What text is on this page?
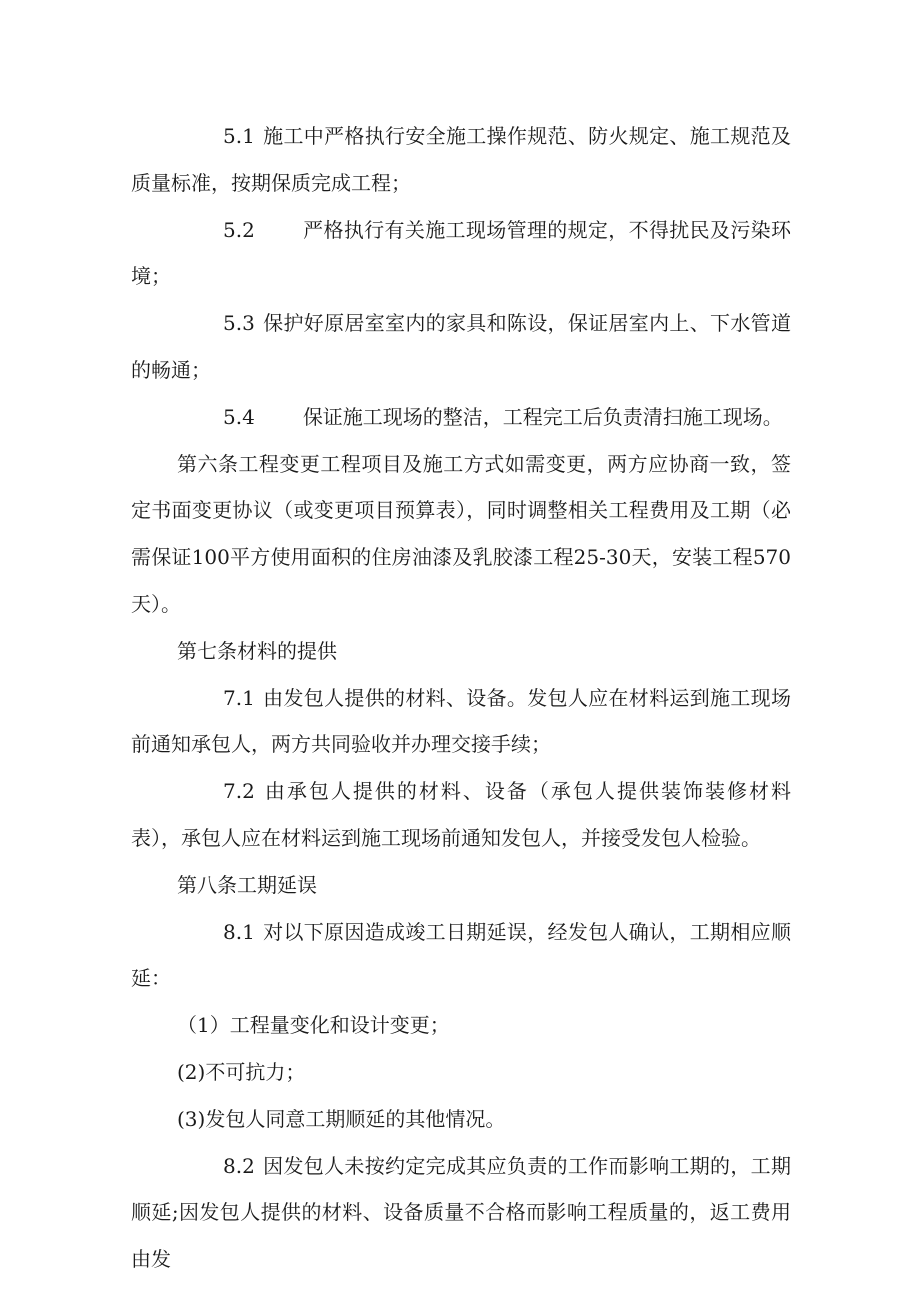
5.1 施工中严格执行安全施工操作规范、防火规定、施工规范及质量标准，按期保质完成工程；

5.2 严格执行有关施工现场管理的规定，不得扰民及污染环境；

5.3 保护好原居室室内的家具和陈设，保证居室内上、下水管道的畅通；

5.4 保证施工现场的整洁，工程完工后负责清扫施工现场。

第六条工程变更工程项目及施工方式如需变更，两方应协商一致，签定书面变更协议（或变更项目预算表），同时调整相关工程费用及工期（必需保证100平方使用面积的住房油漆及乳胶漆工程25-30天，安装工程570天）。

第七条材料的提供

7.1 由发包人提供的材料、设备。发包人应在材料运到施工现场前通知承包人，两方共同验收并办理交接手续；

7.2 由承包人提供的材料、设备（承包人提供装饰装修材料表），承包人应在材料运到施工现场前通知发包人，并接受发包人检验。

第八条工期延误

8.1 对以下原因造成竣工日期延误，经发包人确认，工期相应顺延：

（1）工程量变化和设计变更；

(2)不可抗力；

(3)发包人同意工期顺延的其他情况。

8.2 因发包人未按约定完成其应负责的工作而影响工期的，工期顺延;因发包人提供的材料、设备质量不合格而影响工程质量的，返工费用由发
